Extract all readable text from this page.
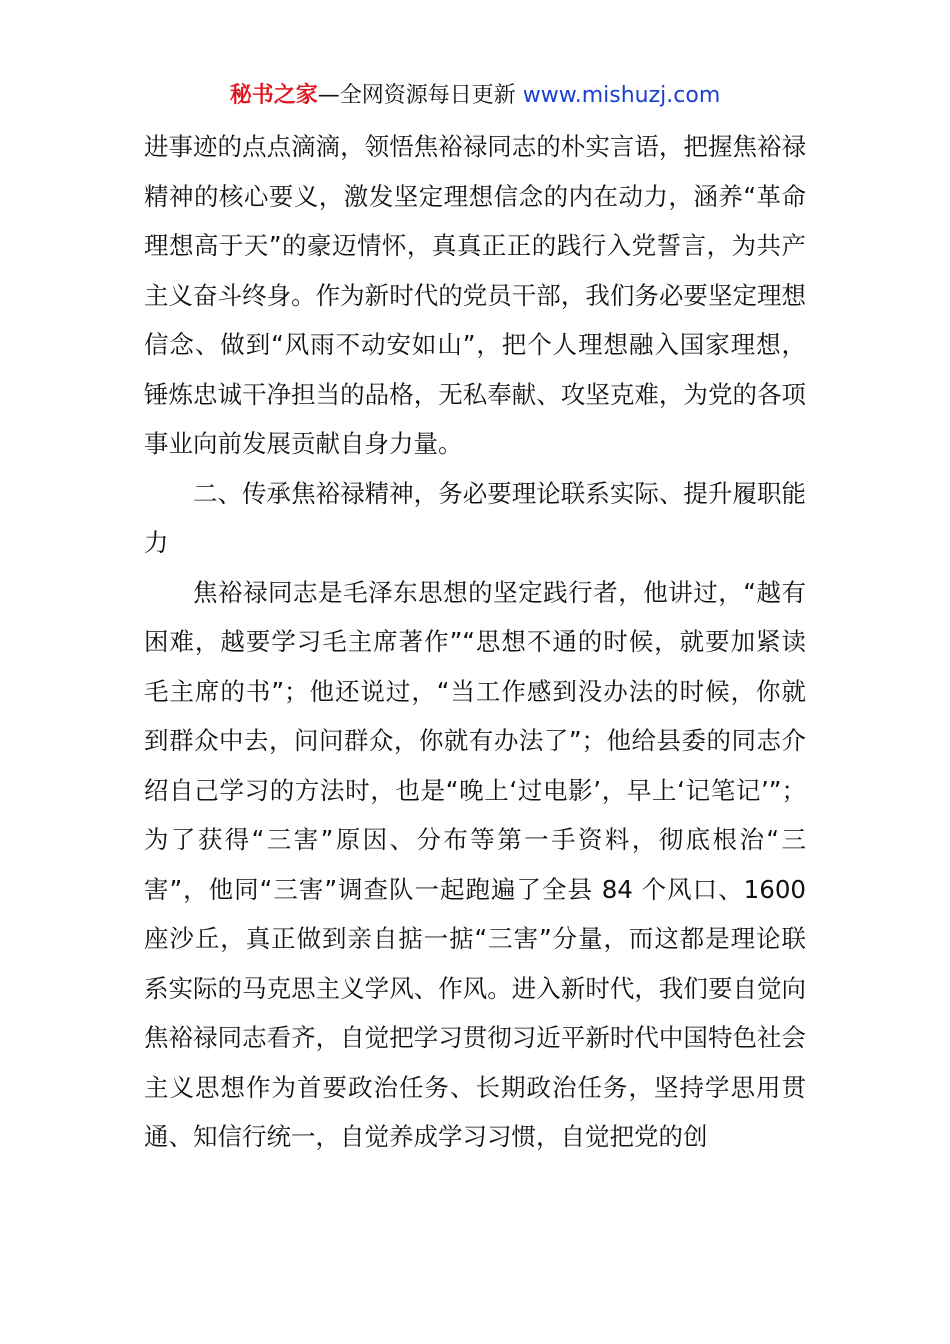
秘书之家—全网资源每日更新 www.mishuzj.com

进事迹的点点滴滴，领悟焦裕禄同志的朴实言语，把握焦裕禄精神的核心要义，激发坚定理想信念的内在动力，涵养“革命理想高于天”的豪迈情怀，真真正正的践行入党誓言，为共产主义奋斗终身。作为新时代的党员干部，我们务必要坚定理想信念、做到“风雨不动安如山”，把个人理想融入国家理想，锤炼忠诚干净担当的品格，无私奉献、攻坚克难，为党的各项事业向前发展贡献自身力量。

二、传承焦裕禄精神，务必要理论联系实际、提升履职能力

焦裕禄同志是毛泽东思想的坚定践行者，他讲过，“越有困难，越要学习毛主席著作”“思想不通的时候，就要加紧读毛主席的书”；他还说过，“当工作感到没办法的时候，你就到群众中去，问问群众，你就有办法了”；他给县委的同志介绍自己学习的方法时，也是“晚上‘过电影’，早上‘记笔记’”；为了获得“三害”原因、分布等第一手资料，彻底根治“三害”，他同“三害”调查队一起跑遍了全县 84 个风口、1600 座沙丘，真正做到亲自掂一掂“三害”分量，而这都是理论联系实际的马克思主义学风、作风。进入新时代，我们要自觉向焦裕禄同志看齐，自觉把学习贯彻习近平新时代中国特色社会主义思想作为首要政治任务、长期政治任务，坚持学思用贯通、知信行统一，自觉养成学习习惯，自觉把党的创
